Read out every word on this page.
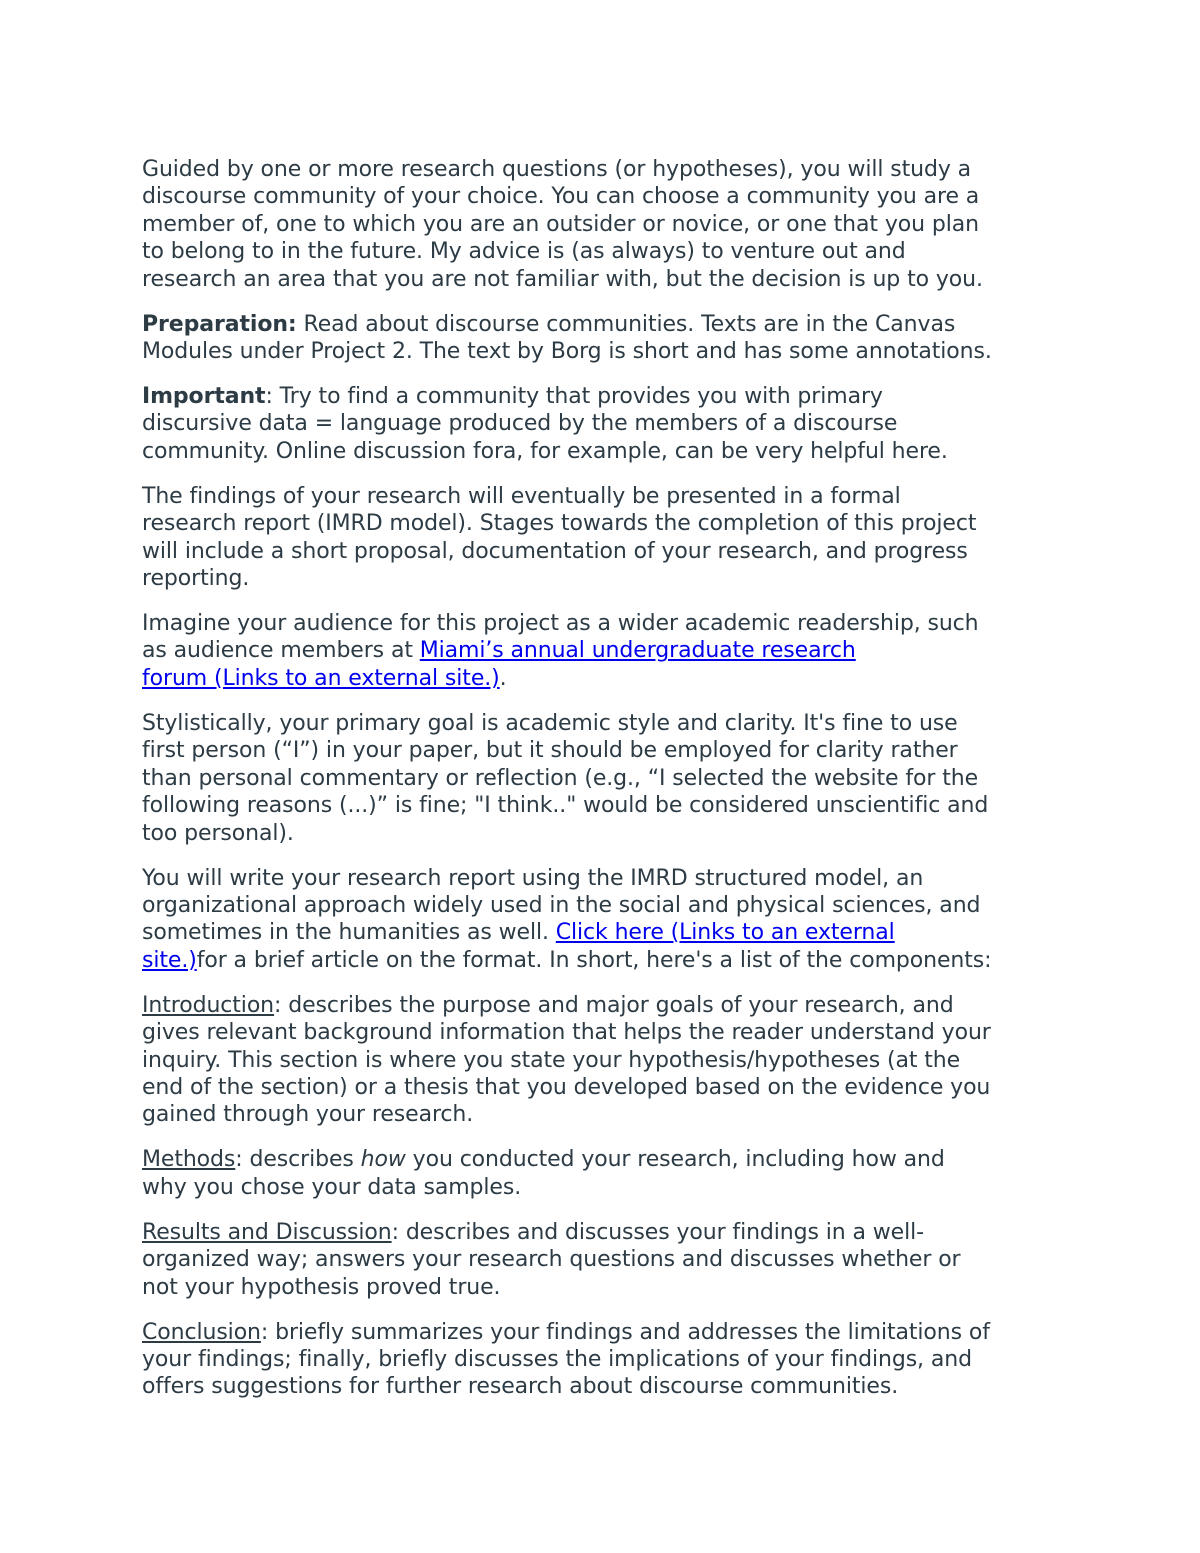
Guided by one or more research questions (or hypotheses), you will study a
discourse community of your choice. You can choose a community you are a
member of, one to which you are an outsider or novice, or one that you plan
to belong to in the future. My advice is (as always) to venture out and
research an area that you are not familiar with, but the decision is up to you.

Preparation: Read about discourse communities. Texts are in the Canvas
Modules under Project 2. The text by Borg is short and has some annotations.

Important: Try to find a community that provides you with primary
discursive data = language produced by the members of a discourse
community. Online discussion fora, for example, can be very helpful here.

The findings of your research will eventually be presented in a formal
research report (IMRD model). Stages towards the completion of this project
will include a short proposal, documentation of your research, and progress
reporting.

Imagine your audience for this project as a wider academic readership, such
as audience members at Miami’s annual undergraduate research
forum (Links to an external site.).

Stylistically, your primary goal is academic style and clarity. It's fine to use
first person (“I”) in your paper, but it should be employed for clarity rather
than personal commentary or reflection (e.g., “I selected the website for the
following reasons (...)” is fine; "I think.." would be considered unscientific and
too personal).

You will write your research report using the IMRD structured model, an
organizational approach widely used in the social and physical sciences, and
sometimes in the humanities as well. Click here (Links to an external
site.)for a brief article on the format. In short, here's a list of the components:

Introduction: describes the purpose and major goals of your research, and
gives relevant background information that helps the reader understand your
inquiry. This section is where you state your hypothesis/hypotheses (at the
end of the section) or a thesis that you developed based on the evidence you
gained through your research.

Methods: describes how you conducted your research, including how and
why you chose your data samples.

Results and Discussion: describes and discusses your findings in a well-
organized way; answers your research questions and discusses whether or
not your hypothesis proved true.

Conclusion: briefly summarizes your findings and addresses the limitations of
your findings; finally, briefly discusses the implications of your findings, and
offers suggestions for further research about discourse communities.
